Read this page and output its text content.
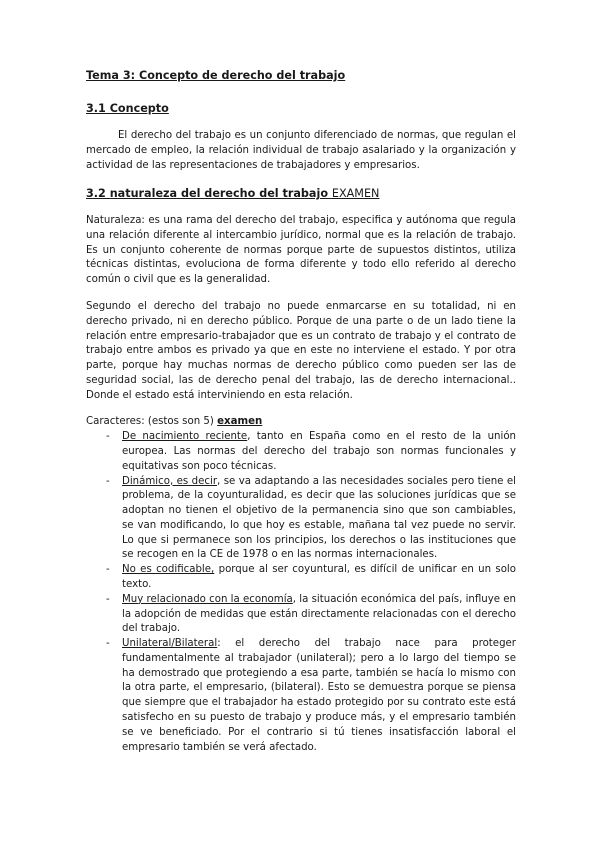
Tema 3: Concepto de derecho del trabajo
3.1 Concepto

El derecho del trabajo es un conjunto diferenciado de normas, que regulan el mercado de empleo, la relación individual de trabajo asalariado y la organización y actividad de las representaciones de trabajadores y empresarios.

3.2 naturaleza del derecho del trabajo EXAMEN

Naturaleza: es una rama del derecho del trabajo, especifica y autónoma que regula una relación diferente al intercambio jurídico, normal que es la relación de trabajo. Es un conjunto coherente de normas porque parte de supuestos distintos, utiliza técnicas distintas, evoluciona de forma diferente y todo ello referido al derecho común o civil que es la generalidad.

Segundo el derecho del trabajo no puede enmarcarse en su totalidad, ni en derecho privado, ni en derecho público. Porque de una parte o de un lado tiene la relación entre empresario-trabajador que es un contrato de trabajo y el contrato de trabajo entre ambos es privado ya que en este no interviene el estado. Y por otra parte, porque hay muchas normas de derecho público como pueden ser las de seguridad social, las de derecho penal del trabajo, las de derecho internacional.. Donde el estado está interviniendo en esta relación.

Caracteres: (estos son 5) examen
- De nacimiento reciente, tanto en España como en el resto de la unión europea. Las normas del derecho del trabajo son normas funcionales y equitativas son poco técnicas.
- Dinámico, es decir, se va adaptando a las necesidades sociales pero tiene el problema, de la coyunturalidad, es decir que las soluciones jurídicas que se adoptan no tienen el objetivo de la permanencia sino que son cambiables, se van modificando, lo que hoy es estable, mañana tal vez puede no servir. Lo que si permanece son los principios, los derechos o las instituciones que se recogen en la CE de 1978 o en las normas internacionales.
- No es codificable, porque al ser coyuntural, es difícil de unificar en un solo texto.
- Muy relacionado con la economía, la situación económica del país, influye en la adopción de medidas que están directamente relacionadas con el derecho del trabajo.
- Unilateral/Bilateral: el derecho del trabajo nace para proteger fundamentalmente al trabajador (unilateral); pero a lo largo del tiempo se ha demostrado que protegiendo a esa parte, también se hacía lo mismo con la otra parte, el empresario, (bilateral). Esto se demuestra porque se piensa que siempre que el trabajador ha estado protegido por su contrato este está satisfecho en su puesto de trabajo y produce más, y el empresario también se ve beneficiado. Por el contrario si tú tienes insatisfacción laboral el empresario también se verá afectado.
